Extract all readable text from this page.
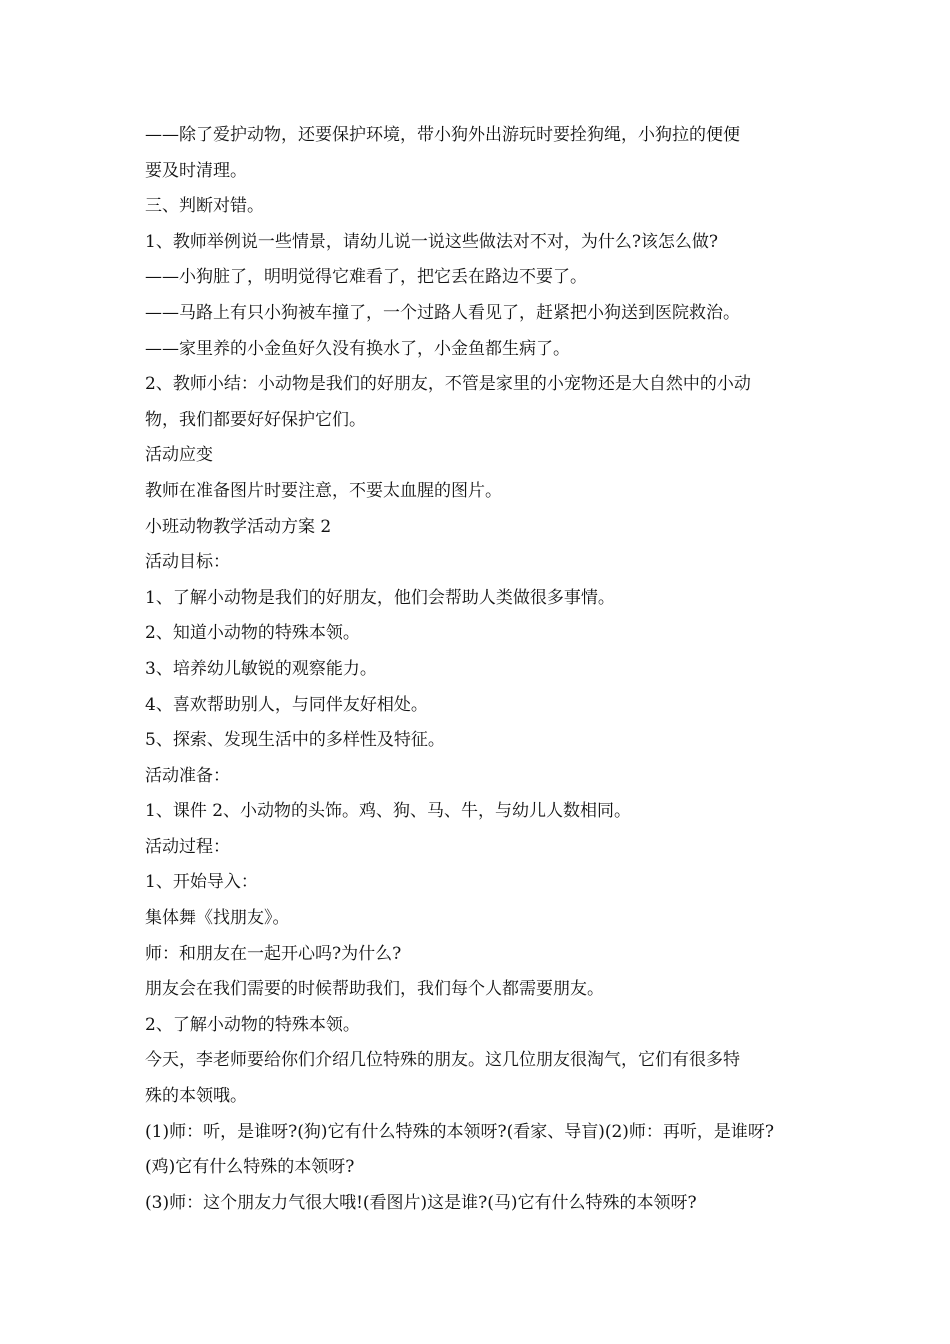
——除了爱护动物，还要保护环境，带小狗外出游玩时要拴狗绳，小狗拉的便便
要及时清理。
三、判断对错。
1、教师举例说一些情景，请幼儿说一说这些做法对不对，为什么?该怎么做?
——小狗脏了，明明觉得它难看了，把它丢在路边不要了。
——马路上有只小狗被车撞了，一个过路人看见了，赶紧把小狗送到医院救治。
——家里养的小金鱼好久没有换水了，小金鱼都生病了。
2、教师小结：小动物是我们的好朋友，不管是家里的小宠物还是大自然中的小动
物，我们都要好好保护它们。
活动应变
教师在准备图片时要注意，不要太血腥的图片。
小班动物教学活动方案 2
活动目标：
1、了解小动物是我们的好朋友，他们会帮助人类做很多事情。
2、知道小动物的特殊本领。
3、培养幼儿敏锐的观察能力。
4、喜欢帮助别人，与同伴友好相处。
5、探索、发现生活中的多样性及特征。
活动准备：
1、课件 2、小动物的头饰。鸡、狗、马、牛，与幼儿人数相同。
活动过程：
1、开始导入：
集体舞《找朋友》。
师：和朋友在一起开心吗?为什么?
朋友会在我们需要的时候帮助我们，我们每个人都需要朋友。
2、了解小动物的特殊本领。
今天，李老师要给你们介绍几位特殊的朋友。这几位朋友很淘气，它们有很多特
殊的本领哦。
(1)师：听，是谁呀?(狗)它有什么特殊的本领呀?(看家、导盲)(2)师：再听，是谁呀?
(鸡)它有什么特殊的本领呀?
(3)师：这个朋友力气很大哦!(看图片)这是谁?(马)它有什么特殊的本领呀?
